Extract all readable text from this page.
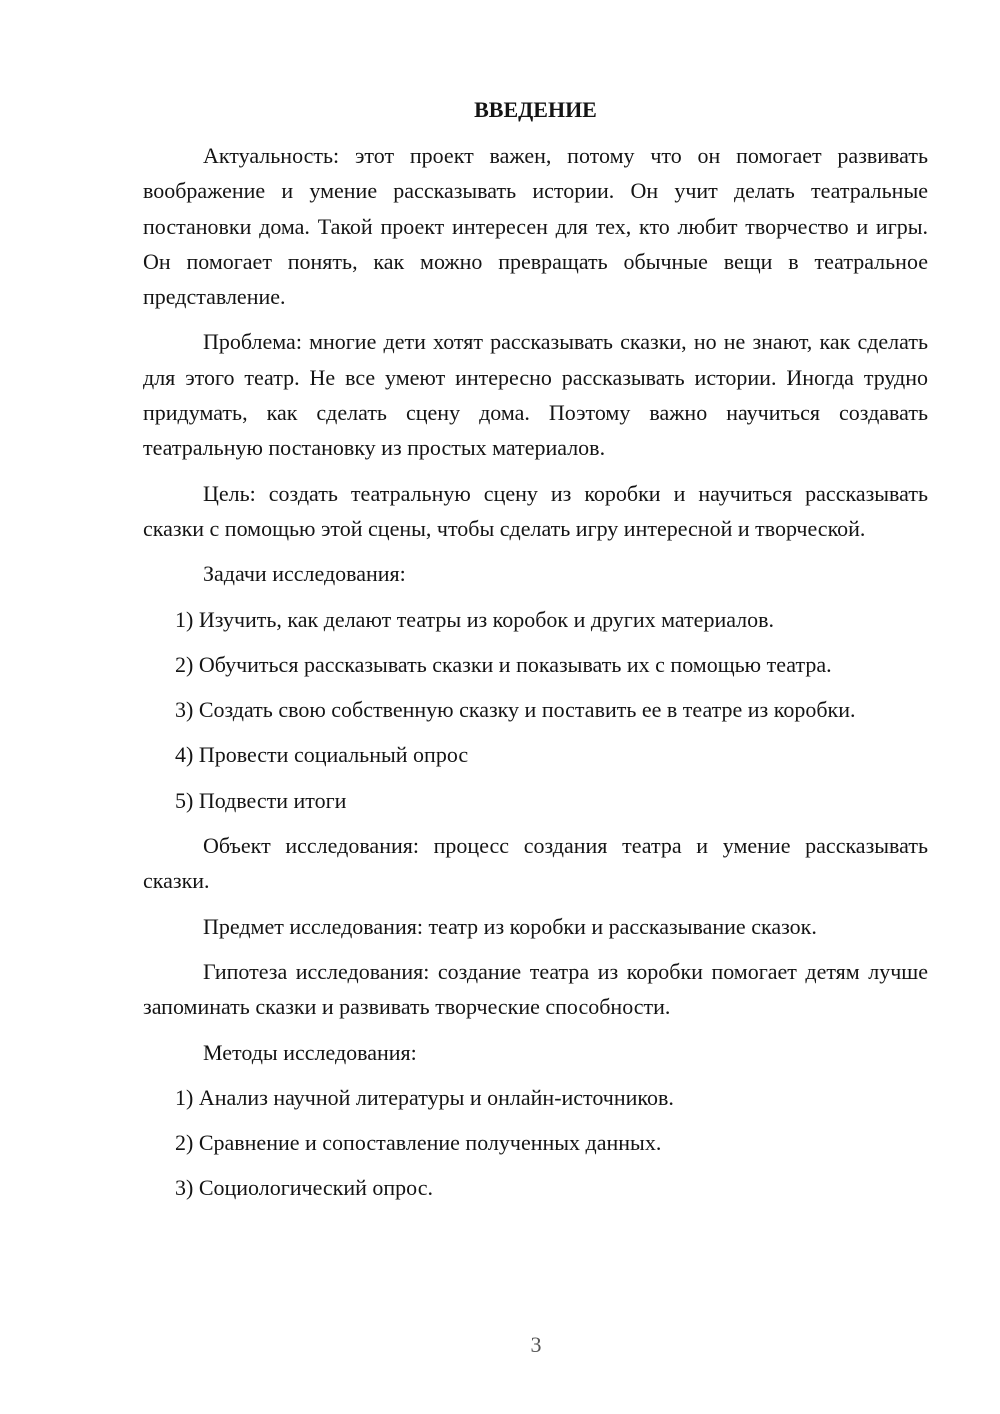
ВВЕДЕНИЕ

Актуальность: этот проект важен, потому что он помогает развивать воображение и умение рассказывать истории. Он учит делать театральные постановки дома. Такой проект интересен для тех, кто любит творчество и игры. Он помогает понять, как можно превращать обычные вещи в театральное представление.

Проблема: многие дети хотят рассказывать сказки, но не знают, как сделать для этого театр. Не все умеют интересно рассказывать истории. Иногда трудно придумать, как сделать сцену дома. Поэтому важно научиться создавать театральную постановку из простых материалов.

Цель: создать театральную сцену из коробки и научиться рассказывать сказки с помощью этой сцены, чтобы сделать игру интересной и творческой.

Задачи исследования:

1) Изучить, как делают театры из коробок и других материалов.

2) Обучиться рассказывать сказки и показывать их с помощью театра.

3) Создать свою собственную сказку и поставить ее в театре из коробки.

4) Провести социальный опрос

5) Подвести итоги

Объект исследования: процесс создания театра и умение рассказывать сказки.

Предмет исследования: театр из коробки и рассказывание сказок.

Гипотеза исследования: создание театра из коробки помогает детям лучше запоминать сказки и развивать творческие способности.

Методы исследования:

1) Анализ научной литературы и онлайн-источников.

2) Сравнение и сопоставление полученных данных.

3) Социологический опрос.

3
